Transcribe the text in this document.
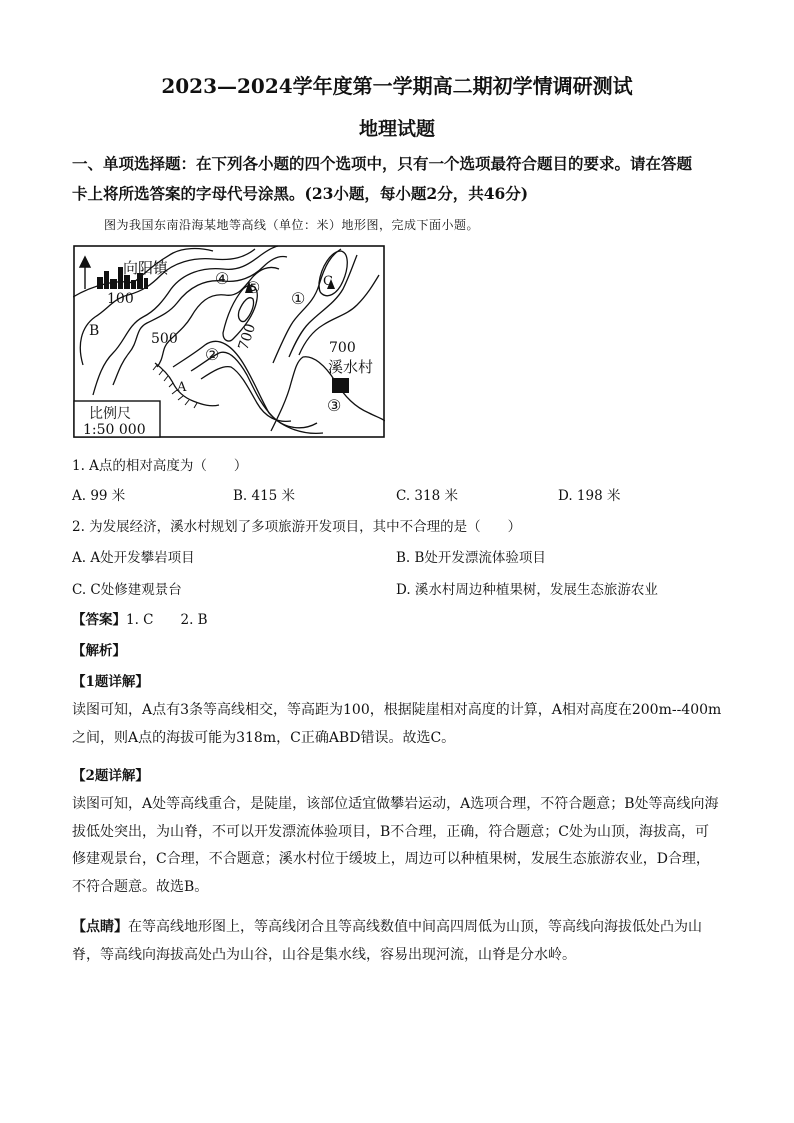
2023—2024学年度第一学期高二期初学情调研测试
地理试题
一、单项选择题：在下列各小题的四个选项中，只有一个选项最符合题目的要求。请在答题
卡上将所选答案的字母代号涂黑。(23小题，每小题2分，共46分)
图为我国东南沿海某地等高线（单位：米）地形图，完成下面小题。
向阳镇
100
B	500	700	700
溪水村
A
C
①
②
③
④ ⑤
比例尺
1:50 000
1. A点的相对高度为（　　）
A. 99 米	B. 415 米	C. 318 米	D. 198 米
2. 为发展经济，溪水村规划了多项旅游开发项目，其中不合理的是（　　）
A. A处开发攀岩项目	B. B处开发漂流体验项目
C. C处修建观景台	D. 溪水村周边种植果树，发展生态旅游农业
【答案】1. C　　2. B
【解析】
【1题详解】
读图可知，A点有3条等高线相交，等高距为100，根据陡崖相对高度的计算，A相对高度在200m--400m之间，则A点的海拔可能为318m，C正确ABD错误。故选C。
【2题详解】
读图可知，A处等高线重合，是陡崖，该部位适宜做攀岩运动，A选项合理，不符合题意；B处等高线向海拔低处突出，为山脊，不可以开发漂流体验项目，B不合理，正确，符合题意；C处为山顶，海拔高，可修建观景台，C合理，不合题意；溪水村位于缓坡上，周边可以种植果树，发展生态旅游农业，D合理，不符合题意。故选B。
【点睛】在等高线地形图上，等高线闭合且等高线数值中间高四周低为山顶，等高线向海拔低处凸为山脊，等高线向海拔高处凸为山谷，山谷是集水线，容易出现河流，山脊是分水岭。
